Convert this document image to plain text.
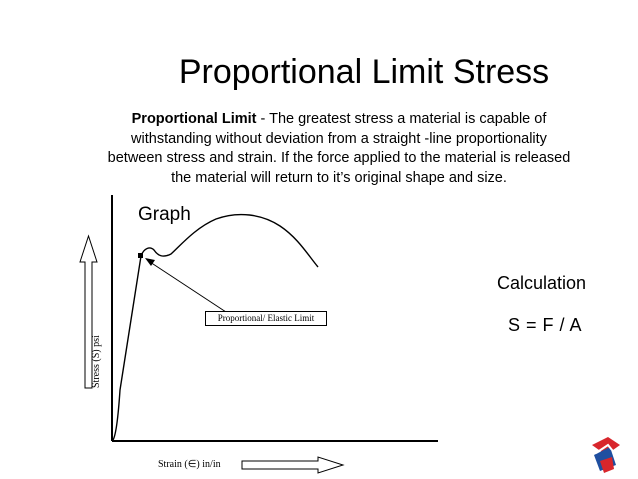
Proportional Limit Stress
Proportional Limit - The greatest stress a material is capable of withstanding without deviation from a straight -line proportionality between stress and strain. If the force applied to the material is released the material will return to it’s original shape and size.
Graph
Calculation
S = F / A
Proportional/ Elastic Limit
Strain (∈) in/in
Stress (S) psi
